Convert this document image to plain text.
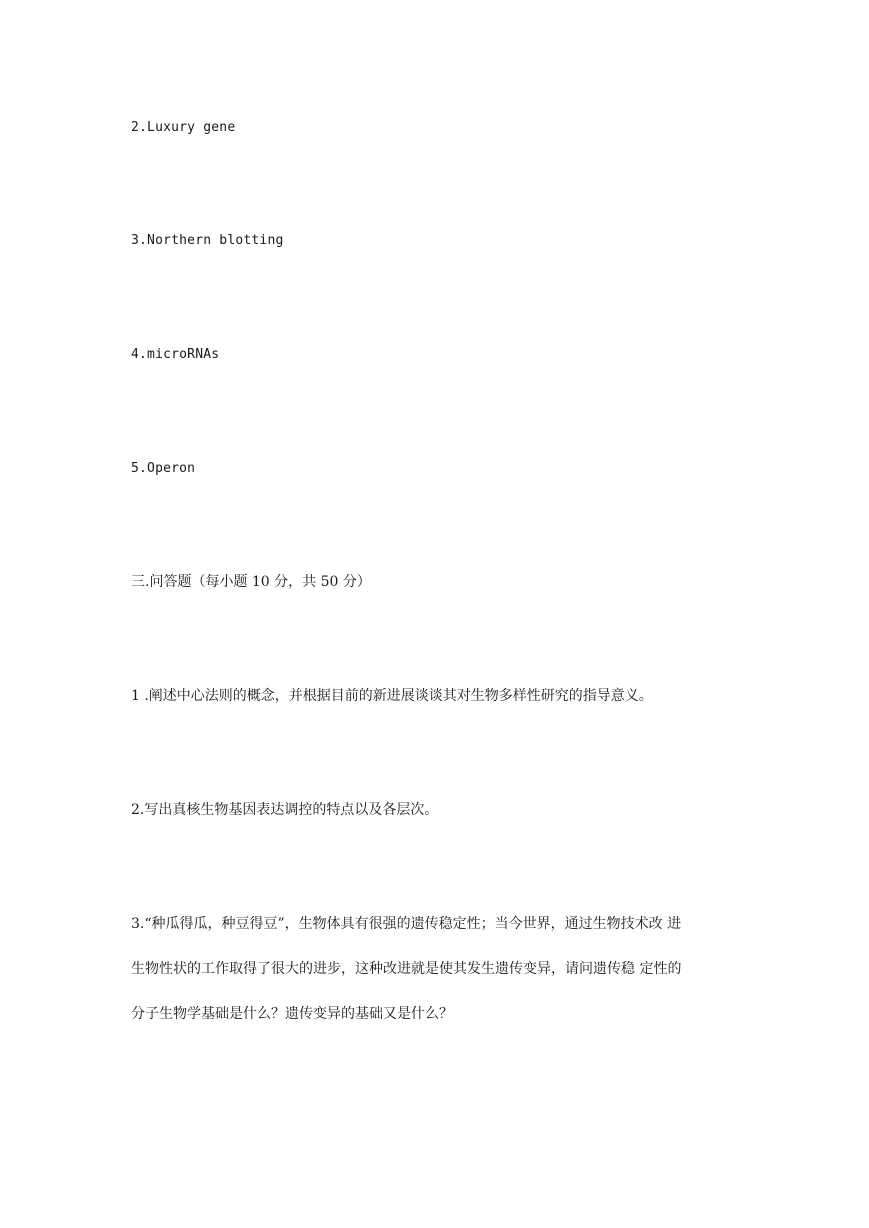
2.Luxury gene
3.Northern blotting
4.microRNAs
5.Operon
三.问答题（每小题 10 分，共 50 分）
1 .阐述中心法则的概念，并根据目前的新进展谈谈其对生物多样性研究的指导意义。
2.写出真核生物基因表达调控的特点以及各层次。
3.“种瓜得瓜，种豆得豆”，生物体具有很强的遗传稳定性；当今世界，通过生物技术改 进
生物性状的工作取得了很大的进步，这种改进就是使其发生遗传变异，请问遗传稳 定性的
分子生物学基础是什么？遗传变异的基础又是什么？
